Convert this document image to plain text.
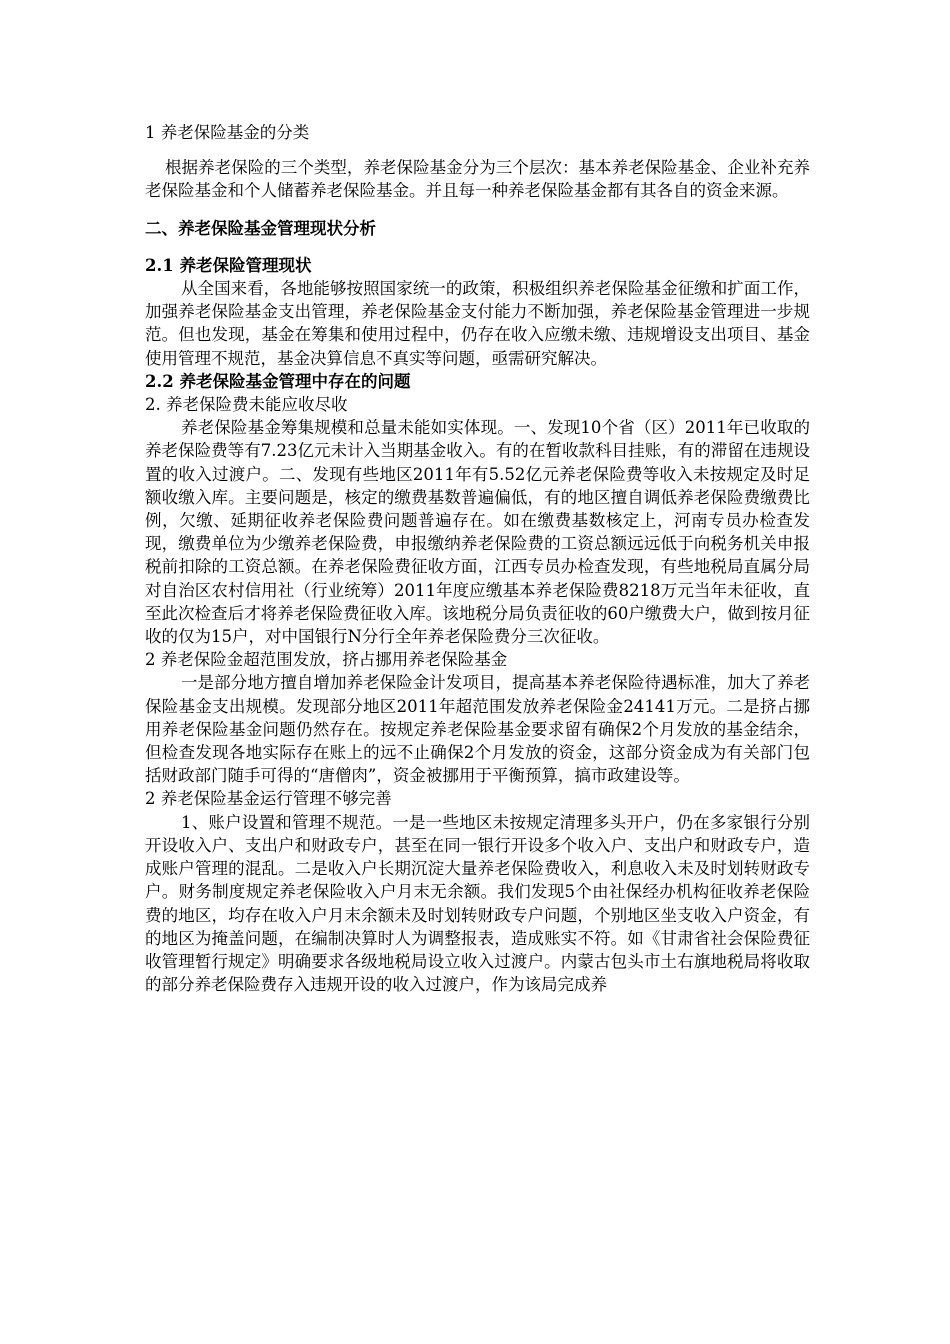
1 养老保险基金的分类

根据养老保险的三个类型，养老保险基金分为三个层次：基本养老保险基金、企业补充养老保险基金和个人储蓄养老保险基金。并且每一种养老保险基金都有其各自的资金来源。

二、养老保险基金管理现状分析

2.1 养老保险管理现状

从全国来看，各地能够按照国家统一的政策，积极组织养老保险基金征缴和扩面工作，加强养老保险基金支出管理，养老保险基金支付能力不断加强，养老保险基金管理进一步规范。但也发现，基金在筹集和使用过程中，仍存在收入应缴未缴、违规增设支出项目、基金使用管理不规范，基金决算信息不真实等问题，亟需研究解决。

2.2 养老保险基金管理中存在的问题

2. 养老保险费未能应收尽收

养老保险基金筹集规模和总量未能如实体现。一、发现10个省（区）2011年已收取的养老保险费等有7.23亿元未计入当期基金收入。有的在暂收款科目挂账，有的滞留在违规设置的收入过渡户。二、发现有些地区2011年有5.52亿元养老保险费等收入未按规定及时足额收缴入库。主要问题是，核定的缴费基数普遍偏低，有的地区擅自调低养老保险费缴费比例，欠缴、延期征收养老保险费问题普遍存在。如在缴费基数核定上，河南专员办检查发现，缴费单位为少缴养老保险费，申报缴纳养老保险费的工资总额远远低于向税务机关申报税前扣除的工资总额。在养老保险费征收方面，江西专员办检查发现，有些地税局直属分局对自治区农村信用社（行业统筹）2011年度应缴基本养老保险费8218万元当年未征收，直至此次检查后才将养老保险费征收入库。该地税分局负责征收的60户缴费大户，做到按月征收的仅为15户，对中国银行N分行全年养老保险费分三次征收。

2 养老保险金超范围发放，挤占挪用养老保险基金

一是部分地方擅自增加养老保险金计发项目，提高基本养老保险待遇标准，加大了养老保险基金支出规模。发现部分地区2011年超范围发放养老保险金24141万元。二是挤占挪用养老保险基金问题仍然存在。按规定养老保险基金要求留有确保2个月发放的基金结余，但检查发现各地实际存在账上的远不止确保2个月发放的资金，这部分资金成为有关部门包括财政部门随手可得的“唐僧肉”，资金被挪用于平衡预算，搞市政建设等。

2 养老保险基金运行管理不够完善

1、账户设置和管理不规范。一是一些地区未按规定清理多头开户，仍在多家银行分别开设收入户、支出户和财政专户，甚至在同一银行开设多个收入户、支出户和财政专户，造成账户管理的混乱。二是收入户长期沉淀大量养老保险费收入，利息收入未及时划转财政专户。财务制度规定养老保险收入户月末无余额。我们发现5个由社保经办机构征收养老保险费的地区，均存在收入户月末余额未及时划转财政专户问题，个别地区坐支收入户资金，有的地区为掩盖问题，在编制决算时人为调整报表，造成账实不符。如《甘肃省社会保险费征收管理暂行规定》明确要求各级地税局设立收入过渡户。内蒙古包头市土右旗地税局将收取的部分养老保险费存入违规开设的收入过渡户，作为该局完成养
